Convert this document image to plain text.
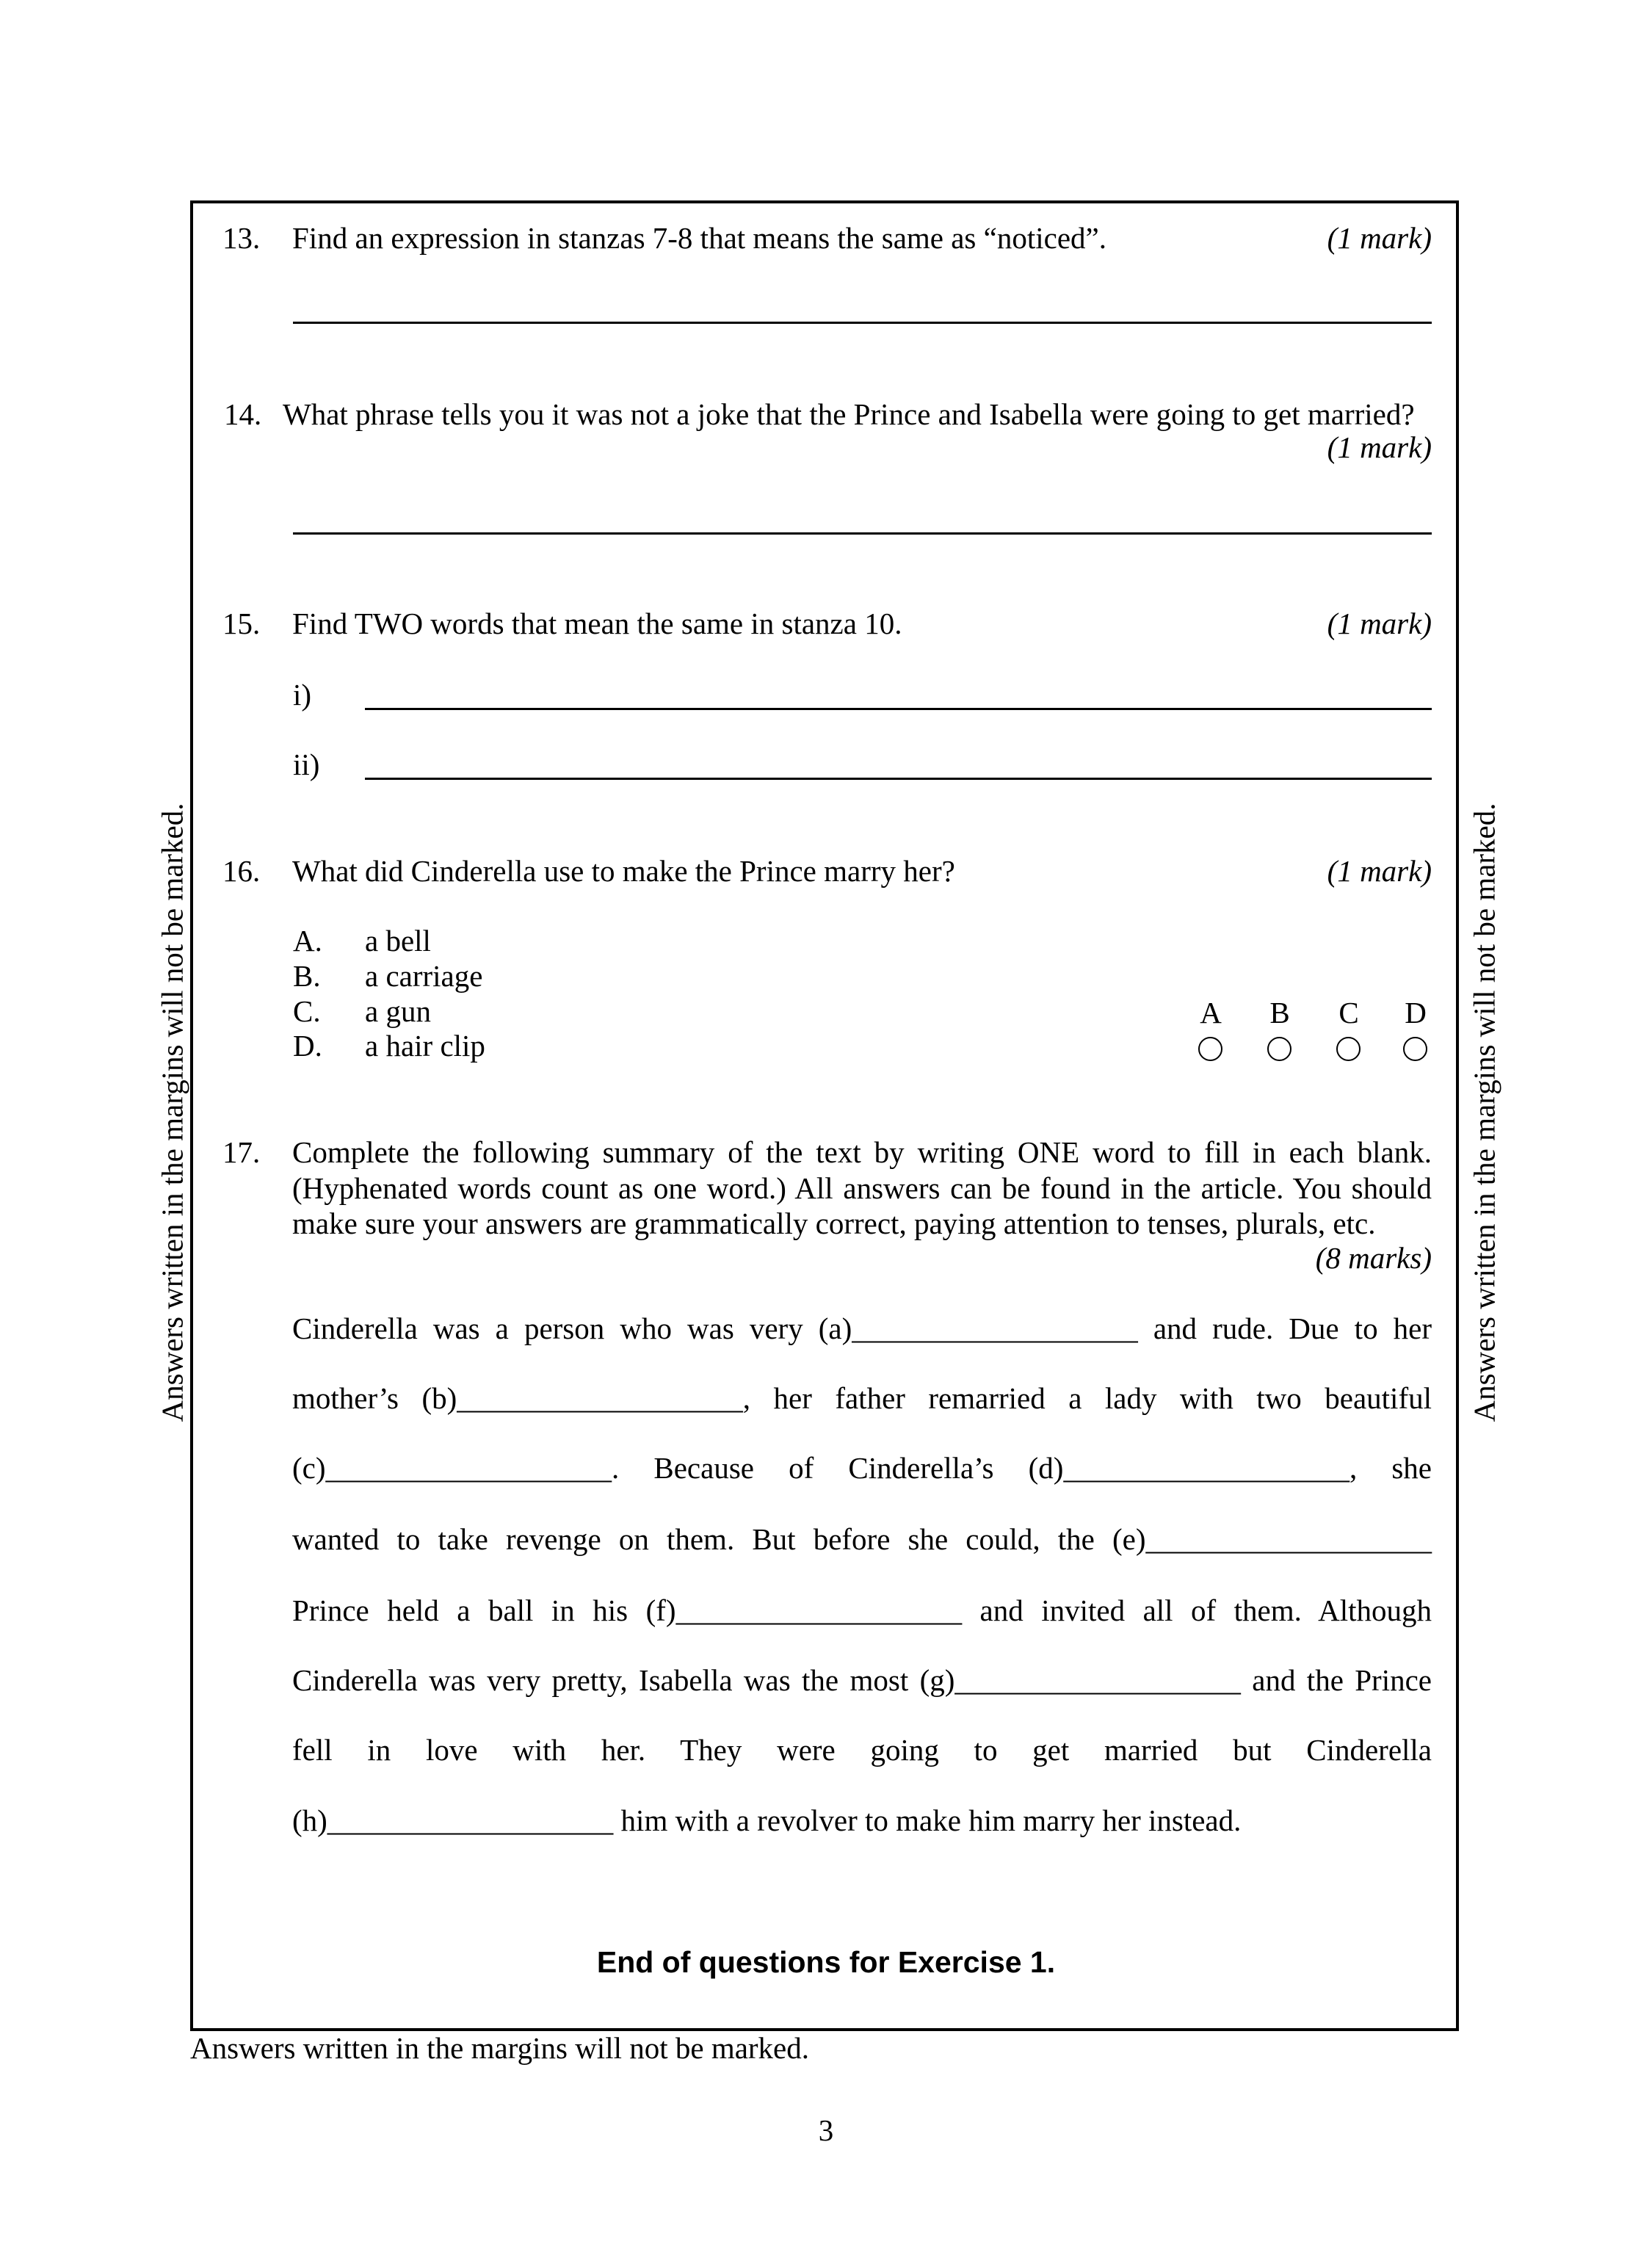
Answers written in the margins will not be marked.	Answers written in the margins will not be marked.
13. Find an expression in stanzas 7-8 that means the same as “noticed”.	(1 mark)
14. What phrase tells you it was not a joke that the Prince and Isabella were going to get married?
(1 mark)
15. Find TWO words that mean the same in stanza 10.	(1 mark)
i)
ii)
16. What did Cinderella use to make the Prince marry her?	(1 mark)
A. a bell
B. a carriage
C. a gun
D. a hair clip
A	B	C	D
17. Complete the following summary of the text by writing ONE word to fill in each blank.
(Hyphenated words count as one word.) All answers can be found in the article. You should
make sure your answers are grammatically correct, paying attention to tenses, plurals, etc.
(8 marks)
Cinderella was a person who was very (a)___________________ and rude. Due to her
mother’s (b)___________________, her father remarried a lady with two beautiful
(c)___________________. Because of Cinderella’s (d)___________________, she
wanted to take revenge on them. But before she could, the (e)___________________
Prince held a ball in his (f)___________________ and invited all of them. Although
Cinderella was very pretty, Isabella was the most (g)___________________ and the Prince
fell in love with her. They were going to get married but Cinderella
(h)___________________ him with a revolver to make him marry her instead.
End of questions for Exercise 1.
Answers written in the margins will not be marked.
3
